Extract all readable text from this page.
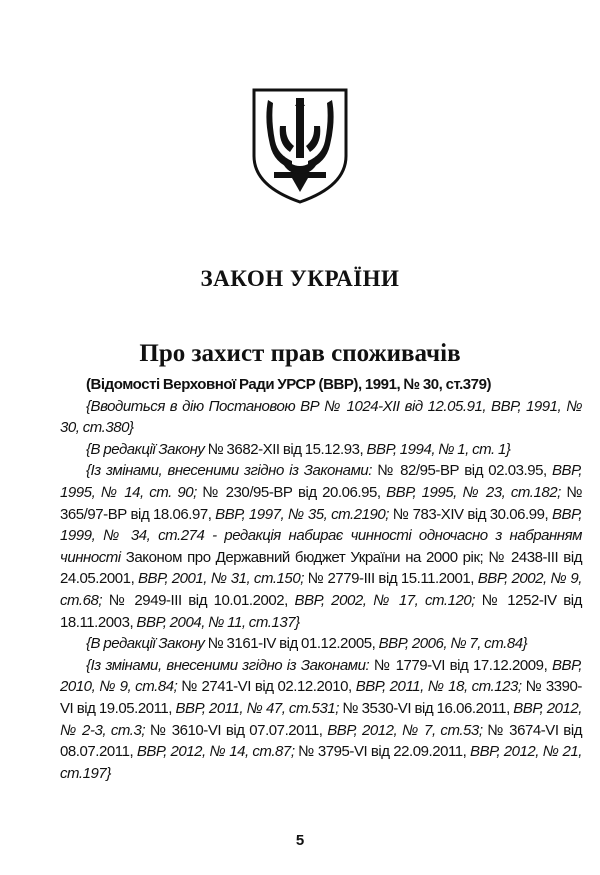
ЗАКОН УКРАЇНИ
Про захист прав споживачів

(Відомості Верховної Ради УРСР (ВВР), 1991, № 30, ст.379)

{Вводиться в дію Постановою ВР № 1024-XII від 12.05.91, ВВР, 1991, № 30, ст.380}

{В редакції Закону № 3682-XII від 15.12.93, ВВР, 1994, № 1, ст. 1}

{Із змінами, внесеними згідно із Законами: № 82/95-ВР від 02.03.95, ВВР, 1995, № 14, ст. 90; № 230/95-ВР від 20.06.95, ВВР, 1995, № 23, ст.182; № 365/97-ВР від 18.06.97, ВВР, 1997, № 35, ст.2190; № 783-XIV від 30.06.99, ВВР, 1999, № 34, ст.274 - редакція набирає чинності одночасно з набранням чинності Законом про Державний бюджет України на 2000 рік; № 2438-III від 24.05.2001, ВВР, 2001, № 31, ст.150; № 2779-III від 15.11.2001, ВВР, 2002, № 9, ст.68; № 2949-III від 10.01.2002, ВВР, 2002, № 17, ст.120; № 1252-IV від 18.11.2003, ВВР, 2004, № 11, ст.137}

{В редакції Закону № 3161-IV від 01.12.2005, ВВР, 2006, № 7, ст.84}

{Із змінами, внесеними згідно із Законами: № 1779-VI від 17.12.2009, ВВР, 2010, № 9, ст.84; № 2741-VI від 02.12.2010, ВВР, 2011, № 18, ст.123; № 3390-VI від 19.05.2011, ВВР, 2011, № 47, ст.531; № 3530-VI від 16.06.2011, ВВР, 2012, № 2-3, ст.3; № 3610-VI від 07.07.2011, ВВР, 2012, № 7, ст.53; № 3674-VI від 08.07.2011, ВВР, 2012, № 14, ст.87; № 3795-VI від 22.09.2011, ВВР, 2012, № 21, ст.197}

5
